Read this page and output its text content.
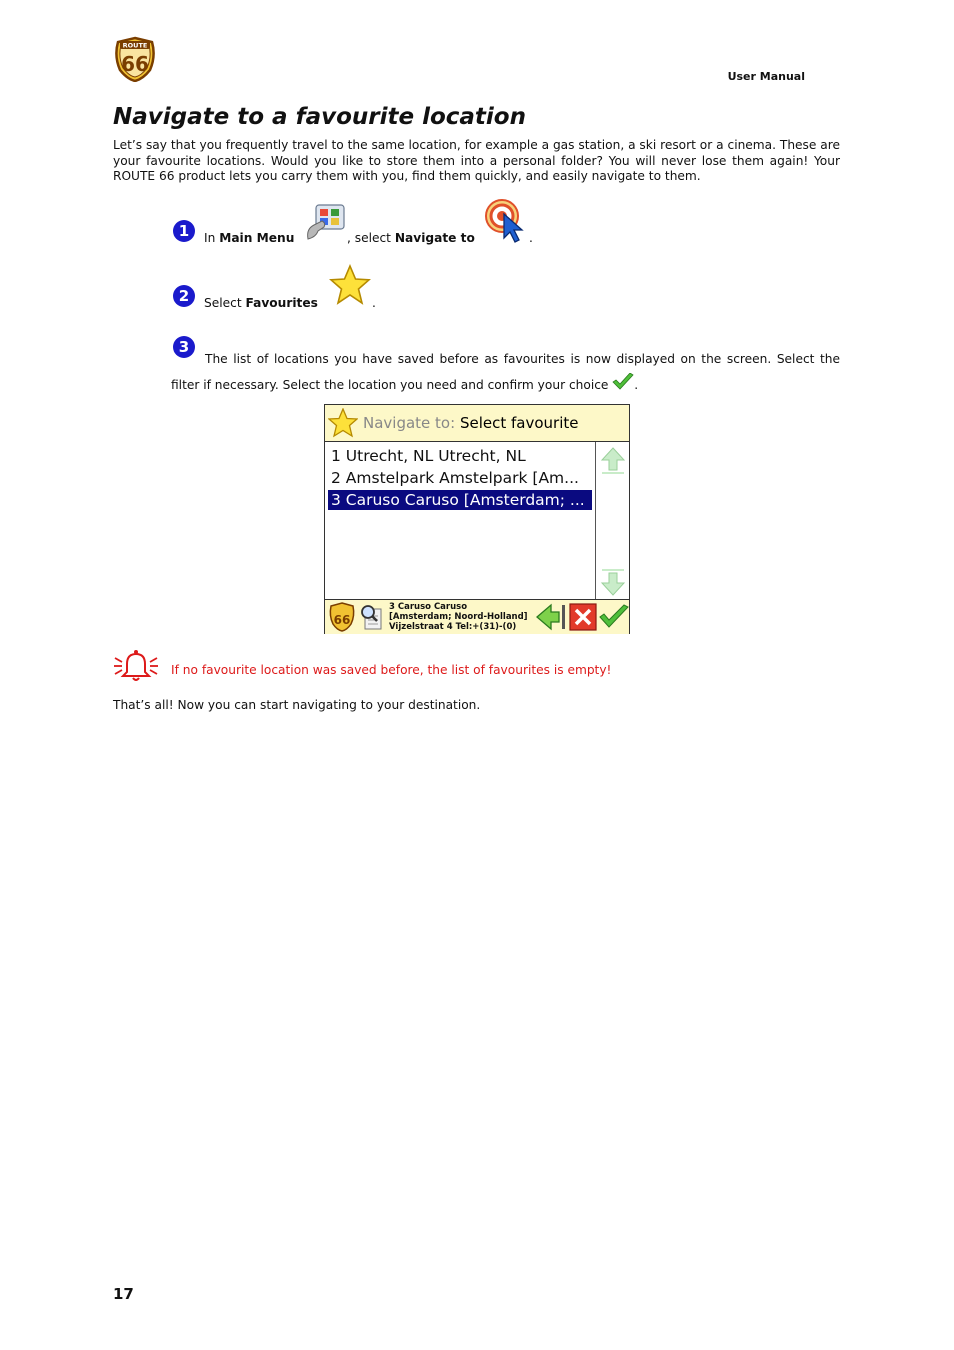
ROUTE
66
User Manual
Navigate to a favourite location
Let’s say that you frequently travel to the same location, for example a gas station, a ski resort or a cinema. These are your favourite locations. Would you like to store them into a personal folder? You will never lose them again! Your ROUTE 66 product lets you carry them with you, find them quickly, and easily navigate to them.
1	In Main Menu	, select Navigate to	.
2	Select Favourites	.
3
The list of locations you have saved before as favourites is now displayed on the screen. Select the filter if necessary. Select the location you need and confirm your choice .
Navigate to: Select favourite
1 Utrecht, NL Utrecht, NL
2 Amstelpark Amstelpark [Am...
3 Caruso Caruso [Amsterdam; ...
66
3 Caruso Caruso
[Amsterdam; Noord-Holland]
Vijzelstraat 4 Tel:+(31)-(0)
If no favourite location was saved before, the list of favourites is empty!
That’s all! Now you can start navigating to your destination.
17
